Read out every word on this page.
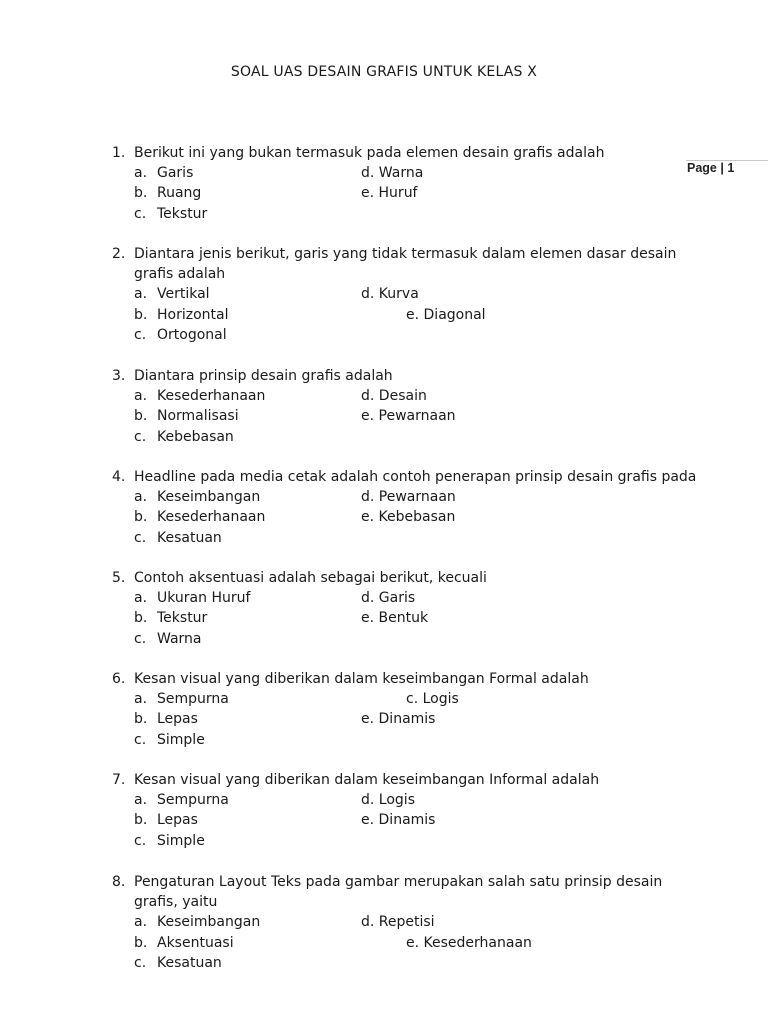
SOAL UAS DESAIN GRAFIS UNTUK KELAS X
Page | 1
1. Berikut ini yang bukan termasuk pada elemen desain grafis adalah
a. Garis	d. Warna
b. Ruang	e. Huruf
c. Tekstur
2. Diantara jenis berikut, garis yang tidak termasuk dalam elemen dasar desain
grafis adalah
a. Vertikal	d. Kurva
b. Horizontal	e. Diagonal
c. Ortogonal
3. Diantara prinsip desain grafis adalah
a. Kesederhanaan	d. Desain
b. Normalisasi	e. Pewarnaan
c. Kebebasan
4. Headline pada media cetak adalah contoh penerapan prinsip desain grafis pada
a. Keseimbangan	d. Pewarnaan
b. Kesederhanaan	e. Kebebasan
c. Kesatuan
5. Contoh aksentuasi adalah sebagai berikut, kecuali
a. Ukuran Huruf	d. Garis
b. Tekstur	e. Bentuk
c. Warna
6. Kesan visual yang diberikan dalam keseimbangan Formal adalah
a. Sempurna	c. Logis
b. Lepas	e. Dinamis
c. Simple
7. Kesan visual yang diberikan dalam keseimbangan Informal adalah
a. Sempurna	d. Logis
b. Lepas	e. Dinamis
c. Simple
8. Pengaturan Layout Teks pada gambar merupakan salah satu prinsip desain
grafis, yaitu
a. Keseimbangan	d. Repetisi
b. Aksentuasi	e. Kesederhanaan
c. Kesatuan
